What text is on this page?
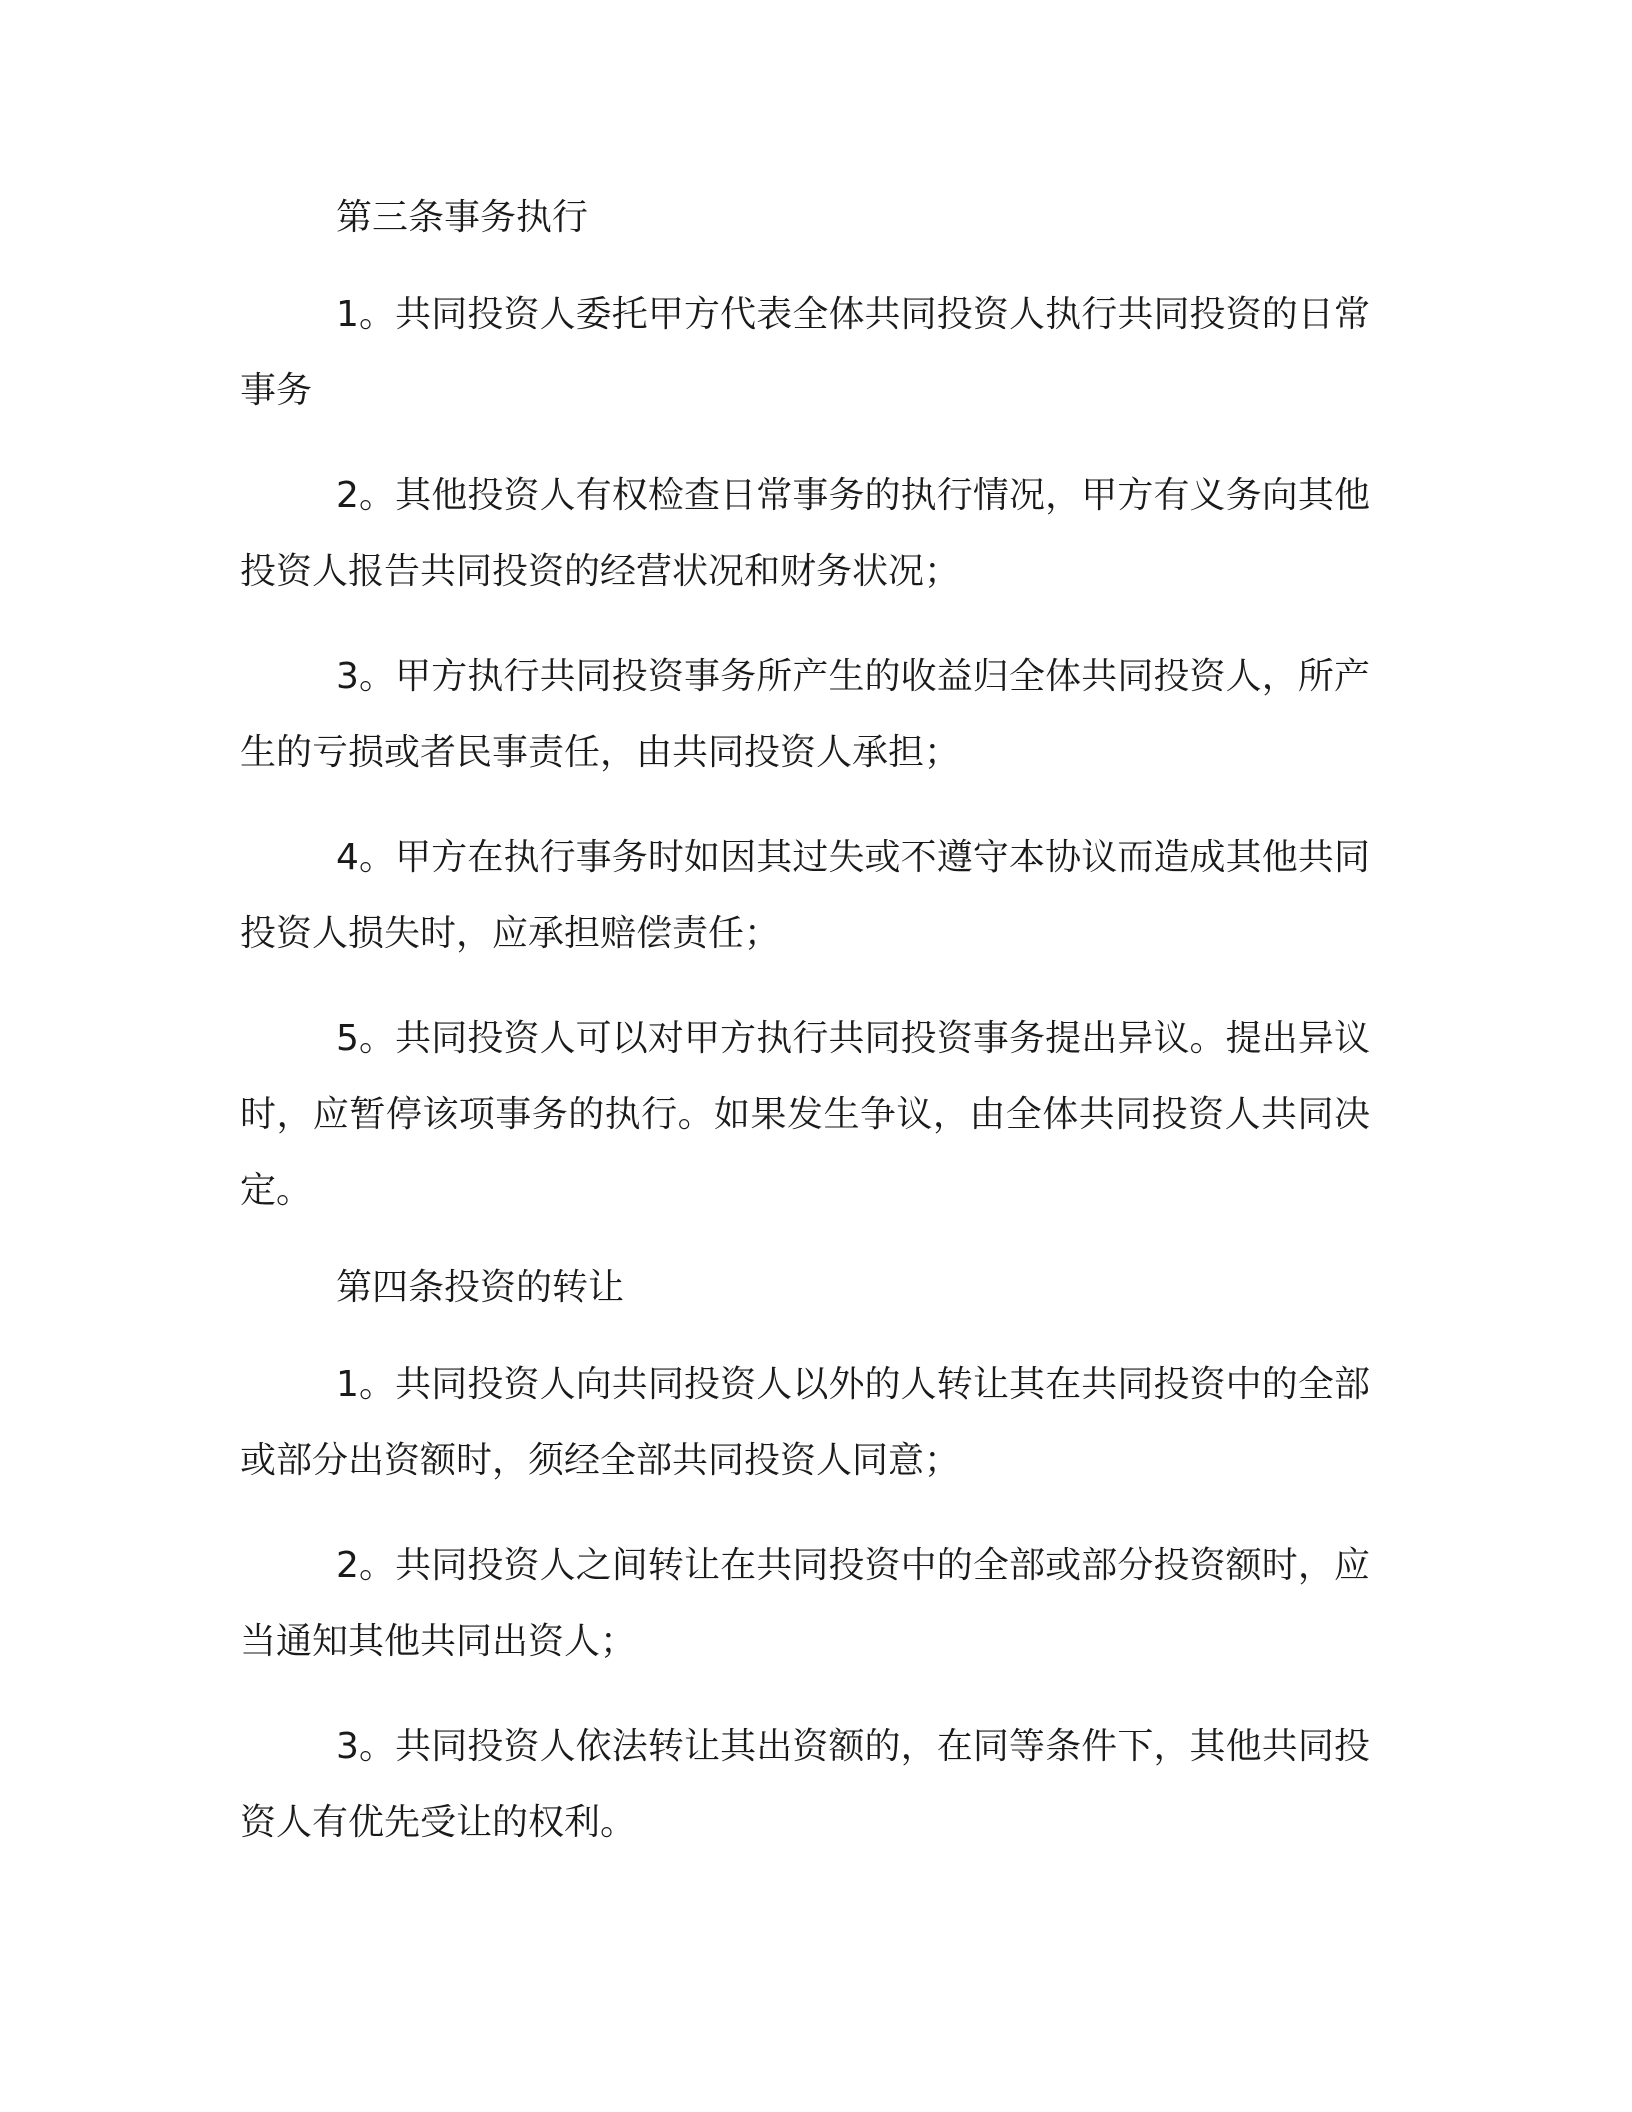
第三条事务执行
1。共同投资人委托甲方代表全体共同投资人执行共同投资的日常事务
2。其他投资人有权检查日常事务的执行情况，甲方有义务向其他投资人报告共同投资的经营状况和财务状况；
3。甲方执行共同投资事务所产生的收益归全体共同投资人，所产生的亏损或者民事责任，由共同投资人承担；
4。甲方在执行事务时如因其过失或不遵守本协议而造成其他共同投资人损失时，应承担赔偿责任；
5。共同投资人可以对甲方执行共同投资事务提出异议。提出异议时，应暂停该项事务的执行。如果发生争议，由全体共同投资人共同决定。
第四条投资的转让
1。共同投资人向共同投资人以外的人转让其在共同投资中的全部或部分出资额时，须经全部共同投资人同意；
2。共同投资人之间转让在共同投资中的全部或部分投资额时，应当通知其他共同出资人；
3。共同投资人依法转让其出资额的，在同等条件下，其他共同投资人有优先受让的权利。
